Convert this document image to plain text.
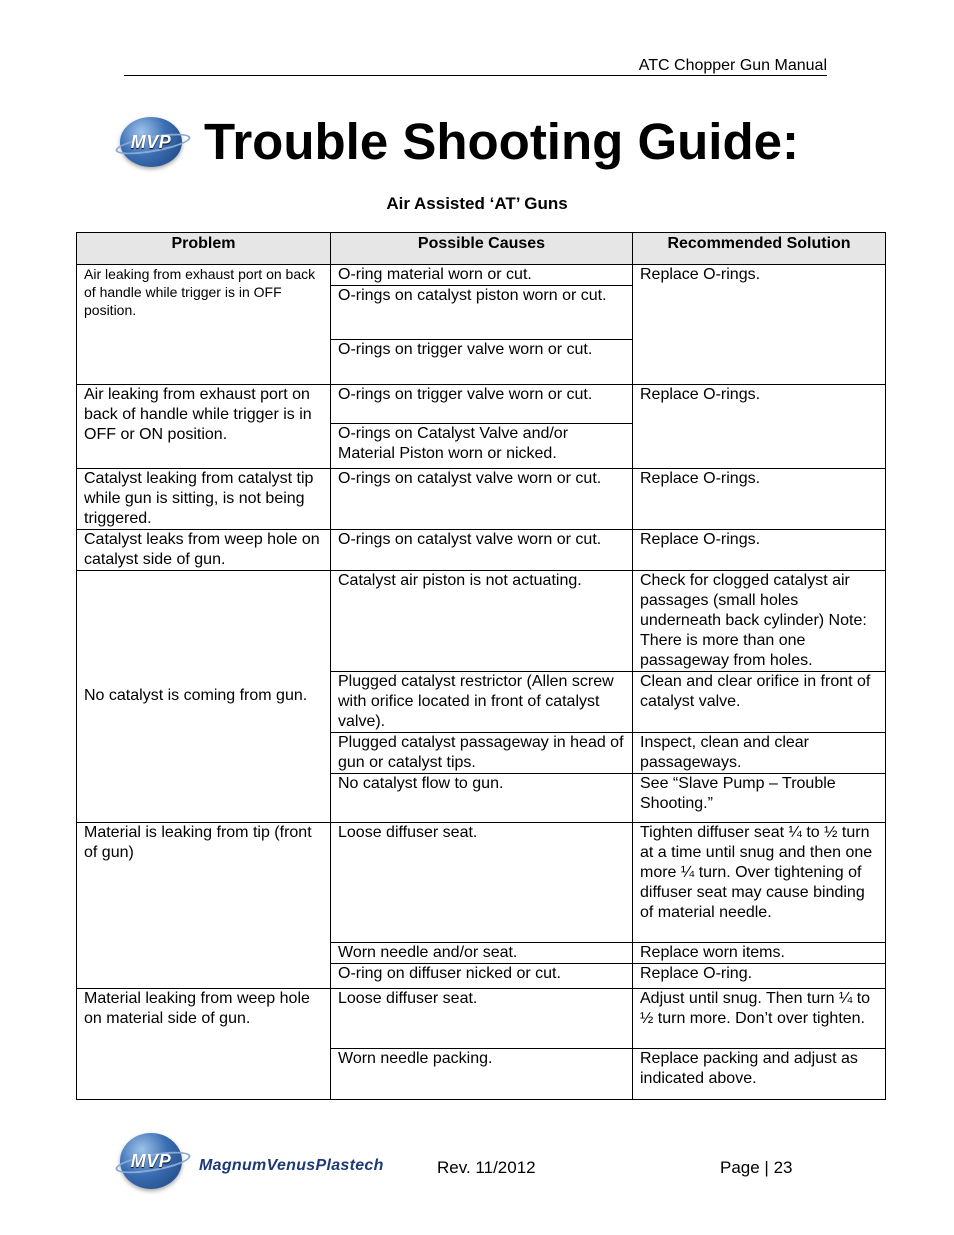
ATC Chopper Gun Manual
MVP Trouble Shooting Guide:
Air Assisted ‘AT’ Guns
Problem	Possible Causes	Recommended Solution
Air leaking from exhaust port on back of handle while trigger is in OFF position.	O-ring material worn or cut.	Replace O-rings.
	O-rings on catalyst piston worn or cut.	
	O-rings on trigger valve worn or cut.	
Air leaking from exhaust port on back of handle while trigger is in OFF or ON position.	O-rings on trigger valve worn or cut.	Replace O-rings.
	O-rings on Catalyst Valve and/or Material Piston worn or nicked.	
Catalyst leaking from catalyst tip while gun is sitting, is not being triggered.	O-rings on catalyst valve worn or cut.	Replace O-rings.
Catalyst leaks from weep hole on catalyst side of gun.	O-rings on catalyst valve worn or cut.	Replace O-rings.

No catalyst is coming from gun.	Catalyst air piston is not actuating.	Check for clogged catalyst air passages (small holes underneath back cylinder) Note: There is more than one passageway from holes.
	Plugged catalyst restrictor (Allen screw with orifice located in front of catalyst valve).	Clean and clear orifice in front of catalyst valve.
	Plugged catalyst passageway in head of gun or catalyst tips.	Inspect, clean and clear passageways.
	No catalyst flow to gun.	See “Slave Pump – Trouble Shooting.”
Material is leaking from tip (front of gun)	Loose diffuser seat.	Tighten diffuser seat ¼ to ½ turn at a time until snug and then one more ¼ turn. Over tightening of diffuser seat may cause binding of material needle.
	Worn needle and/or seat.	Replace worn items.
	O-ring on diffuser nicked or cut.	Replace O-ring.
Material leaking from weep hole on material side of gun.	Loose diffuser seat.	Adjust until snug. Then turn ¼ to ½ turn more. Don’t over tighten.
	Worn needle packing.	Replace packing and adjust as indicated above.
MVP MagnumVenusPlastech	Rev. 11/2012	Page | 23
